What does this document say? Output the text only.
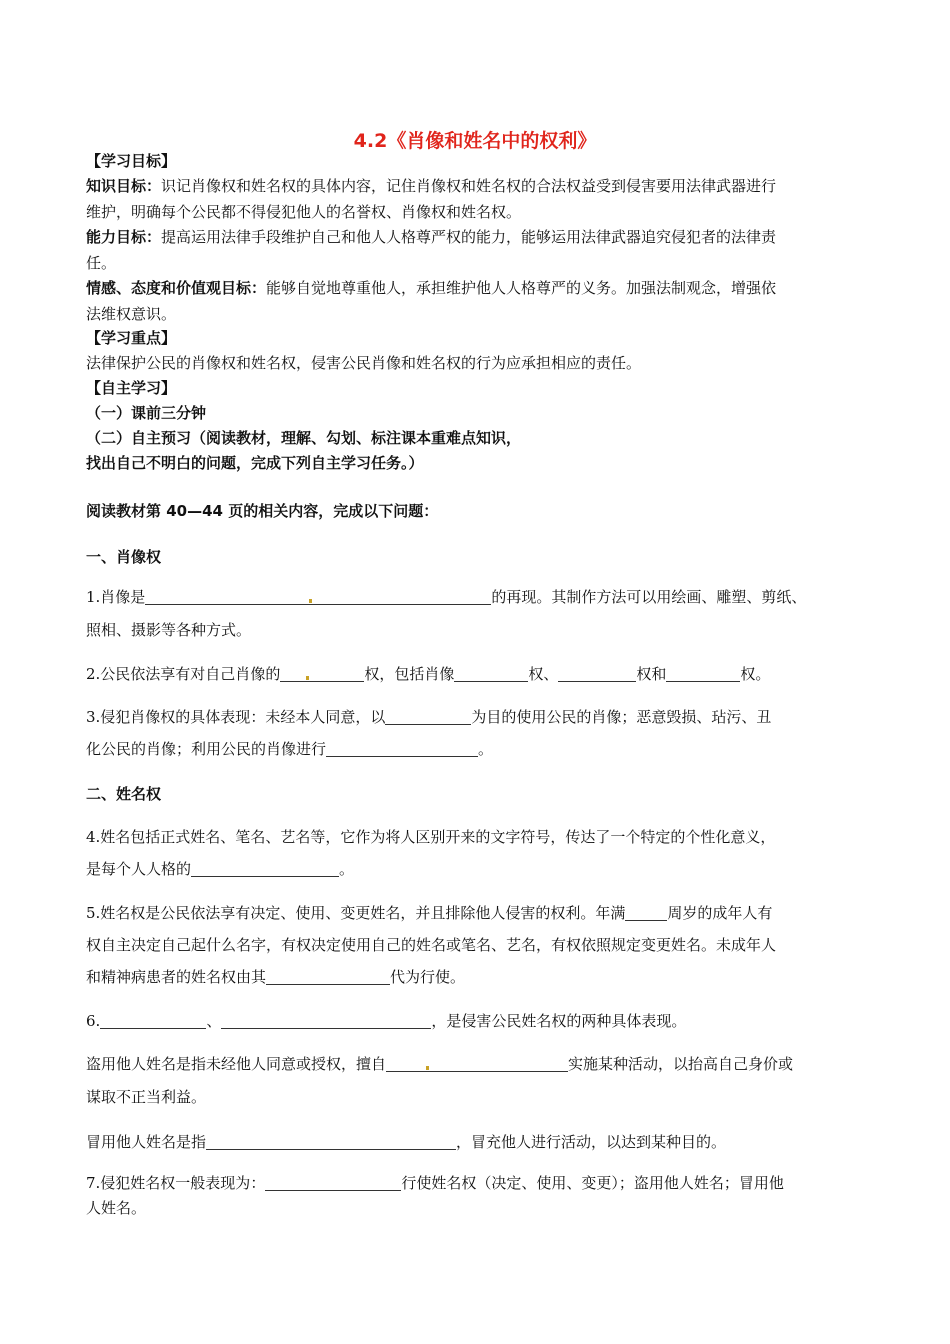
4.2《肖像和姓名中的权利》
【学习目标】
知识目标：识记肖像权和姓名权的具体内容，记住肖像权和姓名权的合法权益受到侵害要用法律武器进行
维护，明确每个公民都不得侵犯他人的名誉权、肖像权和姓名权。
能力目标：提高运用法律手段维护自己和他人人格尊严权的能力，能够运用法律武器追究侵犯者的法律责
任。
情感、态度和价值观目标：能够自觉地尊重他人，承担维护他人人格尊严的义务。加强法制观念，增强依
法维权意识。
【学习重点】
法律保护公民的肖像权和姓名权，侵害公民肖像和姓名权的行为应承担相应的责任。
【自主学习】
（一）课前三分钟
（二）自主预习（阅读教材，理解、勾划、标注课本重难点知识，
找出自己不明白的问题，完成下列自主学习任务。）
阅读教材第 40—44 页的相关内容，完成以下问题：
一、肖像权
1.肖像是	的再现。其制作方法可以用绘画、雕塑、剪纸、
照相、摄影等各种方式。
2.公民依法享有对自己肖像的	权，包括肖像	权、	权和	权。
3.侵犯肖像权的具体表现：未经本人同意，以	为目的使用公民的肖像；恶意毁损、玷污、丑
化公民的肖像；利用公民的肖像进行	。
二、姓名权
4.姓名包括正式姓名、笔名、艺名等，它作为将人区别开来的文字符号，传达了一个特定的个性化意义，
是每个人人格的	。
5.姓名权是公民依法享有决定、使用、变更姓名，并且排除他人侵害的权利。年满	周岁的成年人有
权自主决定自己起什么名字，有权决定使用自己的姓名或笔名、艺名，有权依照规定变更姓名。未成年人
和精神病患者的姓名权由其	代为行使。
6.	、	，是侵害公民姓名权的两种具体表现。
盗用他人姓名是指未经他人同意或授权，擅自	实施某种活动，以抬高自己身价或
谋取不正当利益。
冒用他人姓名是指	，冒充他人进行活动，以达到某种目的。
7.侵犯姓名权一般表现为：	行使姓名权（决定、使用、变更）；盗用他人姓名；冒用他
人姓名。
